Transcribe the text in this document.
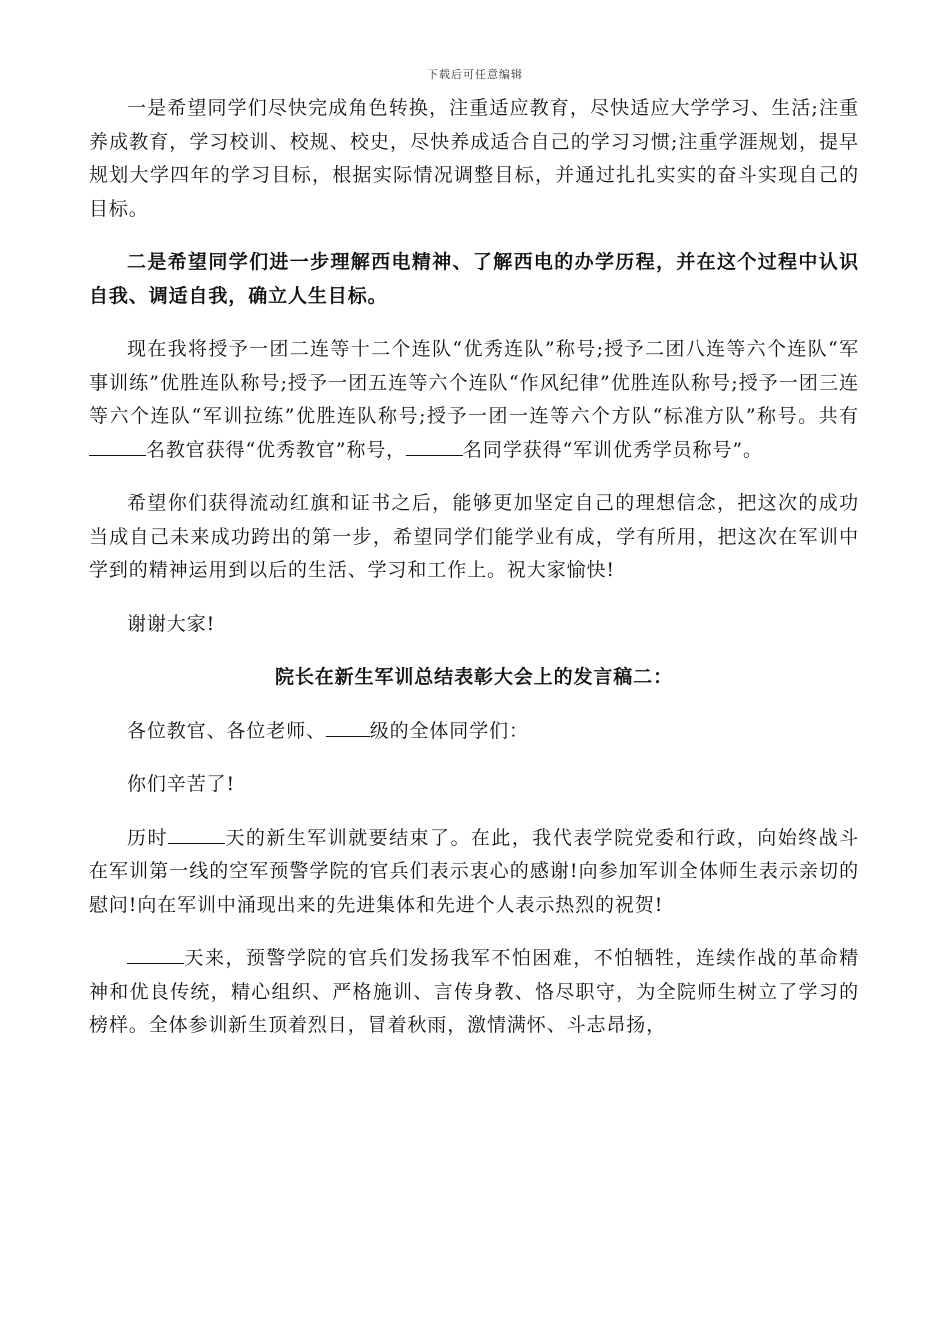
下载后可任意编辑

一是希望同学们尽快完成角色转换，注重适应教育，尽快适应大学学习、生活;注重养成教育，学习校训、校规、校史，尽快养成适合自己的学习习惯;注重学涯规划，提早规划大学四年的学习目标，根据实际情况调整目标，并通过扎扎实实的奋斗实现自己的目标。

二是希望同学们进一步理解西电精神、了解西电的办学历程，并在这个过程中认识自我、调适自我，确立人生目标。

现在我将授予一团二连等十二个连队“优秀连队”称号;授予二团八连等六个连队“军事训练”优胜连队称号;授予一团五连等六个连队“作风纪律”优胜连队称号;授予一团三连等六个连队“军训拉练”优胜连队称号;授予一团一连等六个方队“标准方队”称号。共有名教官获得“优秀教官”称号，	名同学获得“军训优秀学员称号”。

希望你们获得流动红旗和证书之后，能够更加坚定自己的理想信念，把这次的成功当成自己未来成功跨出的第一步，希望同学们能学业有成，学有所用，把这次在军训中学到的精神运用到以后的生活、学习和工作上。祝大家愉快!

谢谢大家!

院长在新生军训总结表彰大会上的发言稿二：

各位教官、各位老师、 级的全体同学们：

你们辛苦了!

历时	天的新生军训就要结束了。在此，我代表学院党委和行政，向始终战斗在军训第一线的空军预警学院的官兵们表示衷心的感谢!向参加军训全体师生表示亲切的慰问!向在军训中涌现出来的先进集体和先进个人表示热烈的祝贺!

天来，预警学院的官兵们发扬我军不怕困难，不怕牺牲，连续作战的革命精神和优良传统，精心组织、严格施训、言传身教、恪尽职守，为全院师生树立了学习的榜样。全体参训新生顶着烈日，冒着秋雨，激情满怀、斗志昂扬，
